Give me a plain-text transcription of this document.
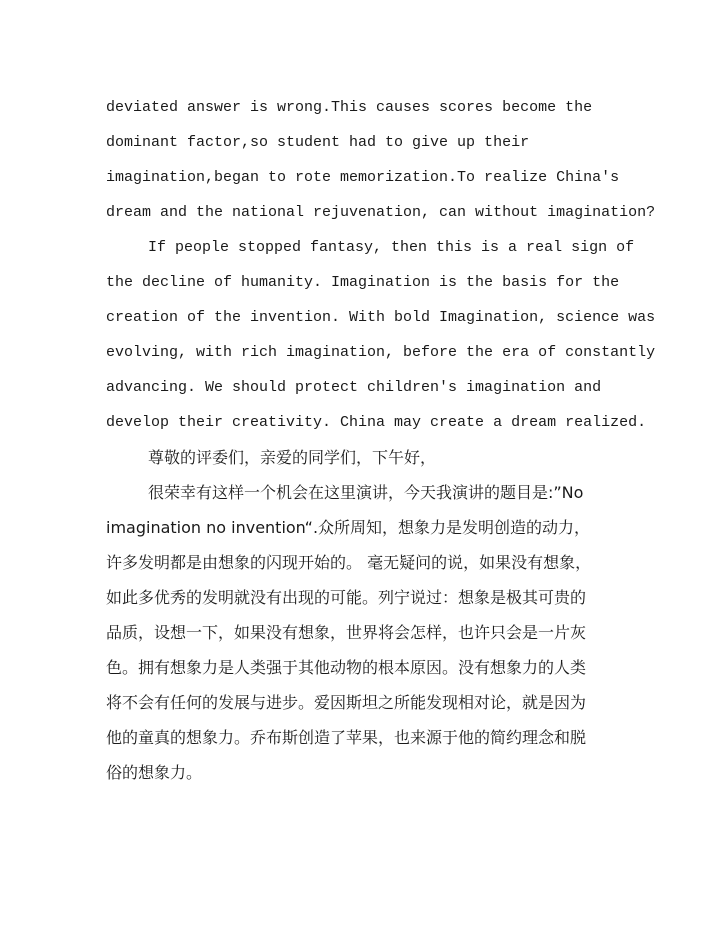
deviated answer is wrong.This causes scores become the
dominant factor,so student had to give up their
imagination,began to rote memorization.To realize China's
dream and the national rejuvenation, can without imagination?
If people stopped fantasy, then this is a real sign of
the decline of humanity. Imagination is the basis for the
creation of the invention. With bold Imagination, science was
evolving, with rich imagination, before the era of constantly
advancing. We should protect children's imagination and
develop their creativity. China may create a dream realized.
尊敬的评委们，亲爱的同学们，下午好，
很荣幸有这样一个机会在这里演讲，今天我演讲的题目是:”No
imagination no invention“.众所周知，想象力是发明创造的动力，
许多发明都是由想象的闪现开始的。 毫无疑问的说，如果没有想象，
如此多优秀的发明就没有出现的可能。列宁说过：想象是极其可贵的
品质，设想一下，如果没有想象，世界将会怎样，也许只会是一片灰
色。拥有想象力是人类强于其他动物的根本原因。没有想象力的人类
将不会有任何的发展与进步。爱因斯坦之所能发现相对论，就是因为
他的童真的想象力。乔布斯创造了苹果，也来源于他的简约理念和脱
俗的想象力。
